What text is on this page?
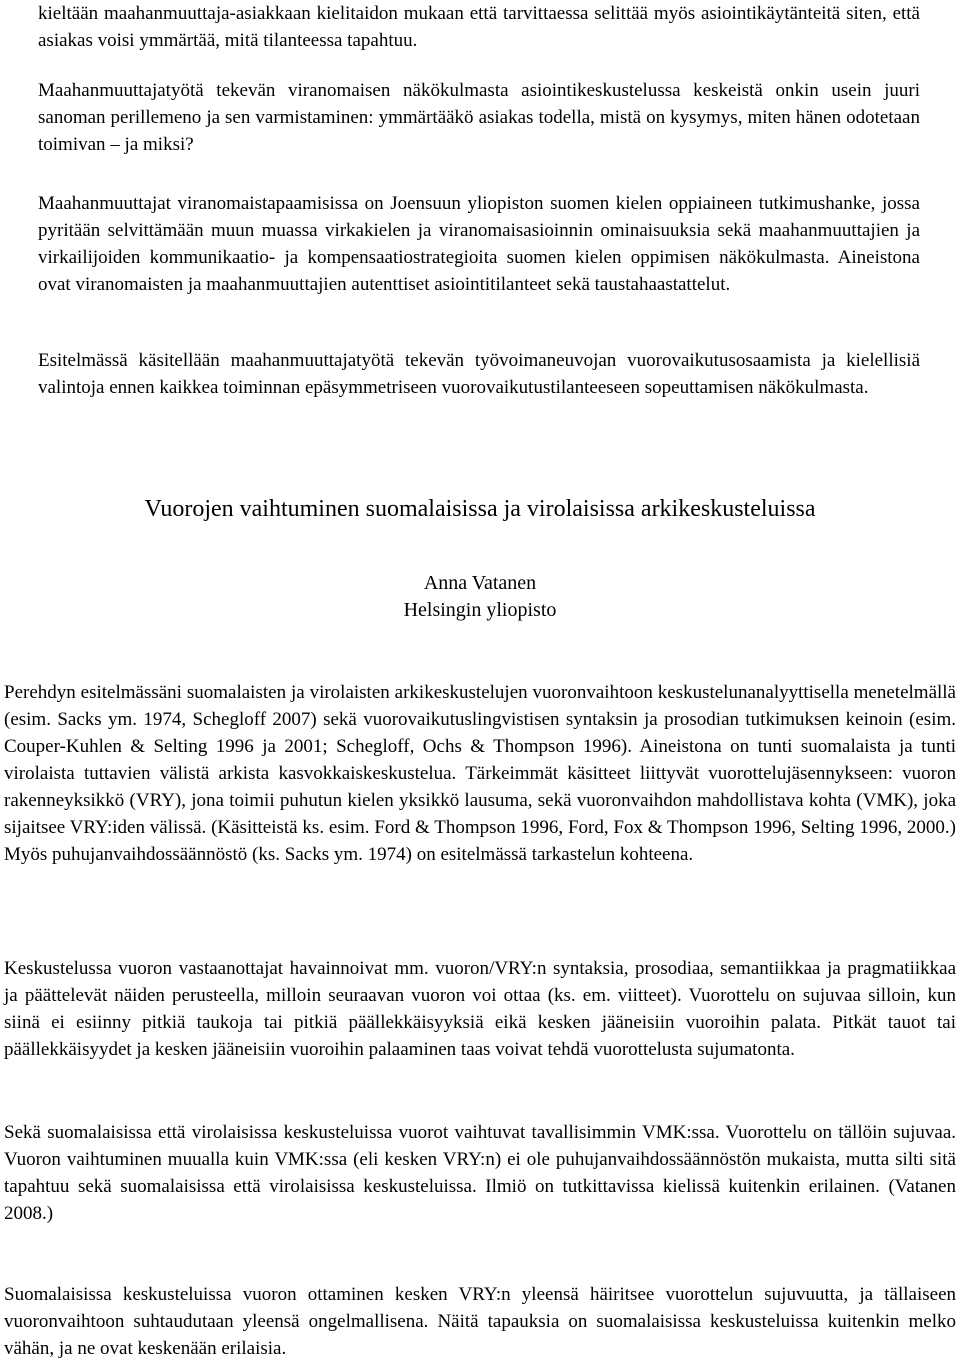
kieltään maahanmuuttaja-asiakkaan kielitaidon mukaan että tarvittaessa selittää myös asiointikäytänteitä siten, että asiakas voisi ymmärtää, mitä tilanteessa tapahtuu.

Maahanmuuttajatyötä tekevän viranomaisen näkökulmasta asiointikeskustelussa keskeistä onkin usein juuri sanoman perillemeno ja sen varmistaminen: ymmärtääkö asiakas todella, mistä on kysymys, miten hänen odotetaan toimivan – ja miksi?

Maahanmuuttajat viranomaistapaamisissa on Joensuun yliopiston suomen kielen oppiaineen tutkimushanke, jossa pyritään selvittämään muun muassa virkakielen ja viranomaisasioinnin ominaisuuksia sekä maahanmuuttajien ja virkailijoiden kommunikaatio- ja kompensaatiostrategioita suomen kielen oppimisen näkökulmasta. Aineistona ovat viranomaisten ja maahanmuuttajien autenttiset asiointitilanteet sekä taustahaastattelut.

Esitelmässä käsitellään maahanmuuttajatyötä tekevän työvoimaneuvojan vuorovaikutusosaamista ja kielellisiä valintoja ennen kaikkea toiminnan epäsymmetriseen vuorovaikutustilanteeseen sopeuttamisen näkökulmasta.

Vuorojen vaihtuminen suomalaisissa ja virolaisissa arkikeskusteluissa
Anna Vatanen
Helsingin yliopisto

Perehdyn esitelmässäni suomalaisten ja virolaisten arkikeskustelujen vuoronvaihtoon keskustelunanalyyttisella menetelmällä (esim. Sacks ym. 1974, Schegloff 2007) sekä vuorovaikutuslingvistisen syntaksin ja prosodian tutkimuksen keinoin (esim. Couper-Kuhlen & Selting 1996 ja 2001; Schegloff, Ochs & Thompson 1996). Aineistona on tunti suomalaista ja tunti virolaista tuttavien välistä arkista kasvokkaiskeskustelua. Tärkeimmät käsitteet liittyvät vuorottelujäsennykseen: vuoron rakenneyksikkö (VRY), jona toimii puhutun kielen yksikkö lausuma, sekä vuoronvaihdon mahdollistava kohta (VMK), joka sijaitsee VRY:iden välissä. (Käsitteistä ks. esim. Ford & Thompson 1996, Ford, Fox & Thompson 1996, Selting 1996, 2000.) Myös puhujanvaihdossäännöstö (ks. Sacks ym. 1974) on esitelmässä tarkastelun kohteena.

Keskustelussa vuoron vastaanottajat havainnoivat mm. vuoron/VRY:n syntaksia, prosodiaa, semantiikkaa ja pragmatiikkaa ja päättelevät näiden perusteella, milloin seuraavan vuoron voi ottaa (ks. em. viitteet). Vuorottelu on sujuvaa silloin, kun siinä ei esiinny pitkiä taukoja tai pitkiä päällekkäisyyksiä eikä kesken jääneisiin vuoroihin palata. Pitkät tauot tai päällekkäisyydet ja kesken jääneisiin vuoroihin palaaminen taas voivat tehdä vuorottelusta sujumatonta.

Sekä suomalaisissa että virolaisissa keskusteluissa vuorot vaihtuvat tavallisimmin VMK:ssa. Vuorottelu on tällöin sujuvaa. Vuoron vaihtuminen muualla kuin VMK:ssa (eli kesken VRY:n) ei ole puhujanvaihdossäännöstön mukaista, mutta silti sitä tapahtuu sekä suomalaisissa että virolaisissa keskusteluissa. Ilmiö on tutkittavissa kielissä kuitenkin erilainen. (Vatanen 2008.)

Suomalaisissa keskusteluissa vuoron ottaminen kesken VRY:n yleensä häiritsee vuorottelun sujuvuutta, ja tällaiseen vuoronvaihtoon suhtaudutaan yleensä ongelmallisena. Näitä tapauksia on suomalaisissa keskusteluissa kuitenkin melko vähän, ja ne ovat keskenään erilaisia.
